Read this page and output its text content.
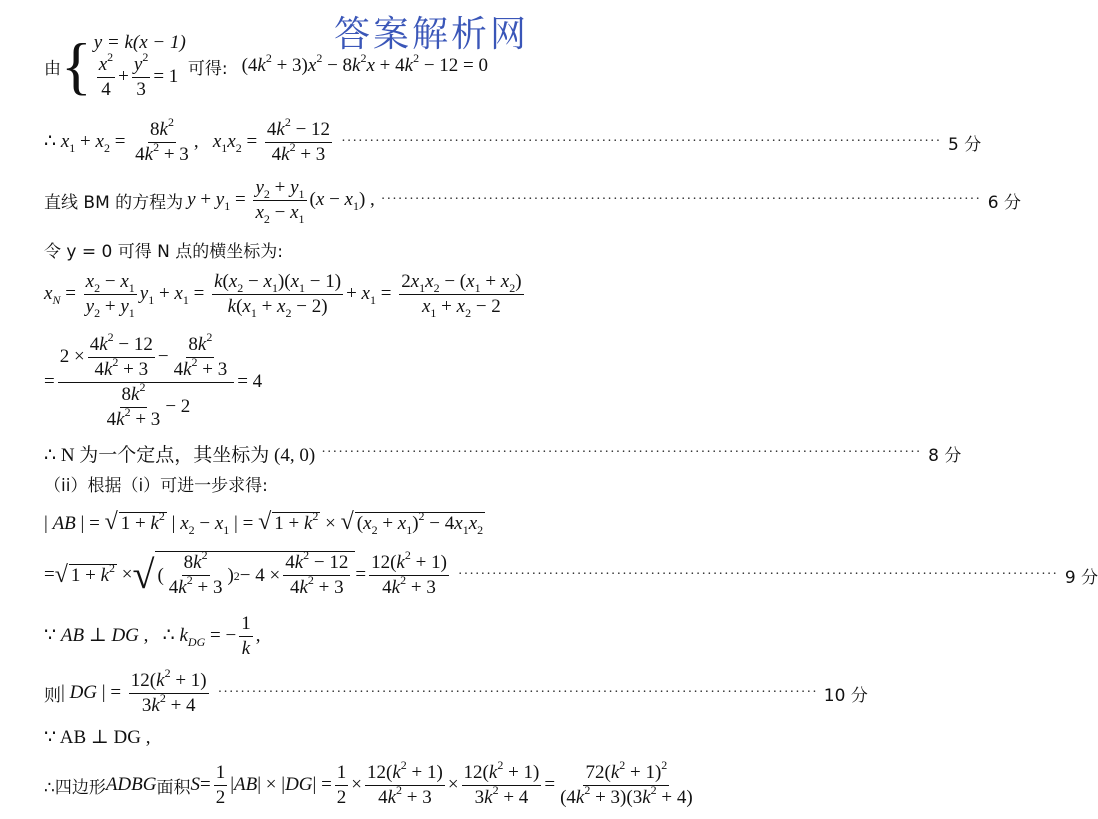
答案解析网
由 { y = k(x − 1)
$\frac{x^2}{4} + \frac{y^2}{3} = 1$ 可得: $(4k^2 + 3)x^2 - 8k^2x + 4k^2 - 12 = 0$
∴ $x_1 + x_2 = \frac{8k^2}{4k^2 + 3}$ ,   $x_1x_2 = \frac{4k^2 - 12}{4k^2 + 3}$ ·········································································································· 5 分
直线 BM 的方程为 $y + y_1 = \frac{y_2 + y_1}{x_2 - x_1} (x - x_1)$ , ·········································································································· 6 分
令 y = 0 可得 N 点的横坐标为:
$x_N = \frac{x_2 - x_1}{y_2 + y_1} y_1 + x_1 = \frac{k(x_2 - x_1)(x_1 - 1)}{k(x_1 + x_2 - 2)} + x_1 = \frac{2x_1x_2 - (x_1 + x_2)}{x_1 + x_2 - 2}$
=
2 ×
$4k^2 - 12$
$4k^2 + 3$
−
$8k^2$
$4k^2 + 3$
$8k^2$
$4k^2 + 3$
− 2
= 4
∴ N 为一个定点，其坐标为 (4, 0) ·········································································································· 8 分
（ii）根据（i）可进一步求得:
| AB | = √ $1 + k^2$ | $x_2 - x_1$ | = √ $1 + k^2$ × √ $(x_2 + x_1)^2 - 4x_1x_2$
= √ $1 + k^2$ × √ (
$8k^2$
$4k^2 + 3$
) 2 − 4 ×
$4k^2 - 12$
$4k^2 + 3$
=
$12(k^2 + 1)$
$4k^2 + 3$
·········································································································· 9 分
∵ AB ⊥ DG ,   ∴ $k_{DG}$ = − $\frac{1}{k}$ ,
则 | DG | = $\frac{12(k^2 + 1)}{3k^2 + 4}$ ·········································································································· 10 分
∵ AB ⊥ DG ,
∴四边形 ADBG 面积 S =
1
2
| AB | × | DG | =
1
2
×
$12(k^2 + 1)$
$4k^2 + 3$
×
$12(k^2 + 1)$
$3k^2 + 4$
=
$72(k^2 + 1)^2$
$(4k^2 + 3)(3k^2 + 4)$
